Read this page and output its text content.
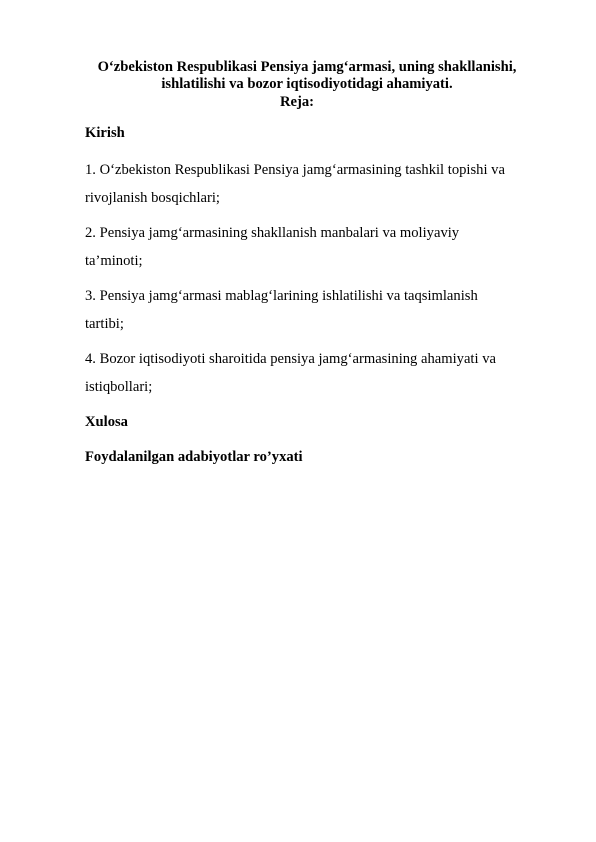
O‘zbekiston Respublikasi Pensiya jamg‘armasi, uning shakllanishi,

ishlatilishi va bozor iqtisodiyotidagi ahamiyati.

Reja:

Kirish

1. O‘zbekiston Respublikasi Pensiya jamg‘armasining tashkil topishi va

rivojlanish bosqichlari;

2. Pensiya jamg‘armasining shakllanish manbalari va moliyaviy

ta’minoti;

3. Pensiya jamg‘armasi mablag‘larining ishlatilishi va taqsimlanish

tartibi;

4. Bozor iqtisodiyoti sharoitida pensiya jamg‘armasining ahamiyati va

istiqbollari;

Xulosa

Foydalanilgan adabiyotlar ro’yxati
